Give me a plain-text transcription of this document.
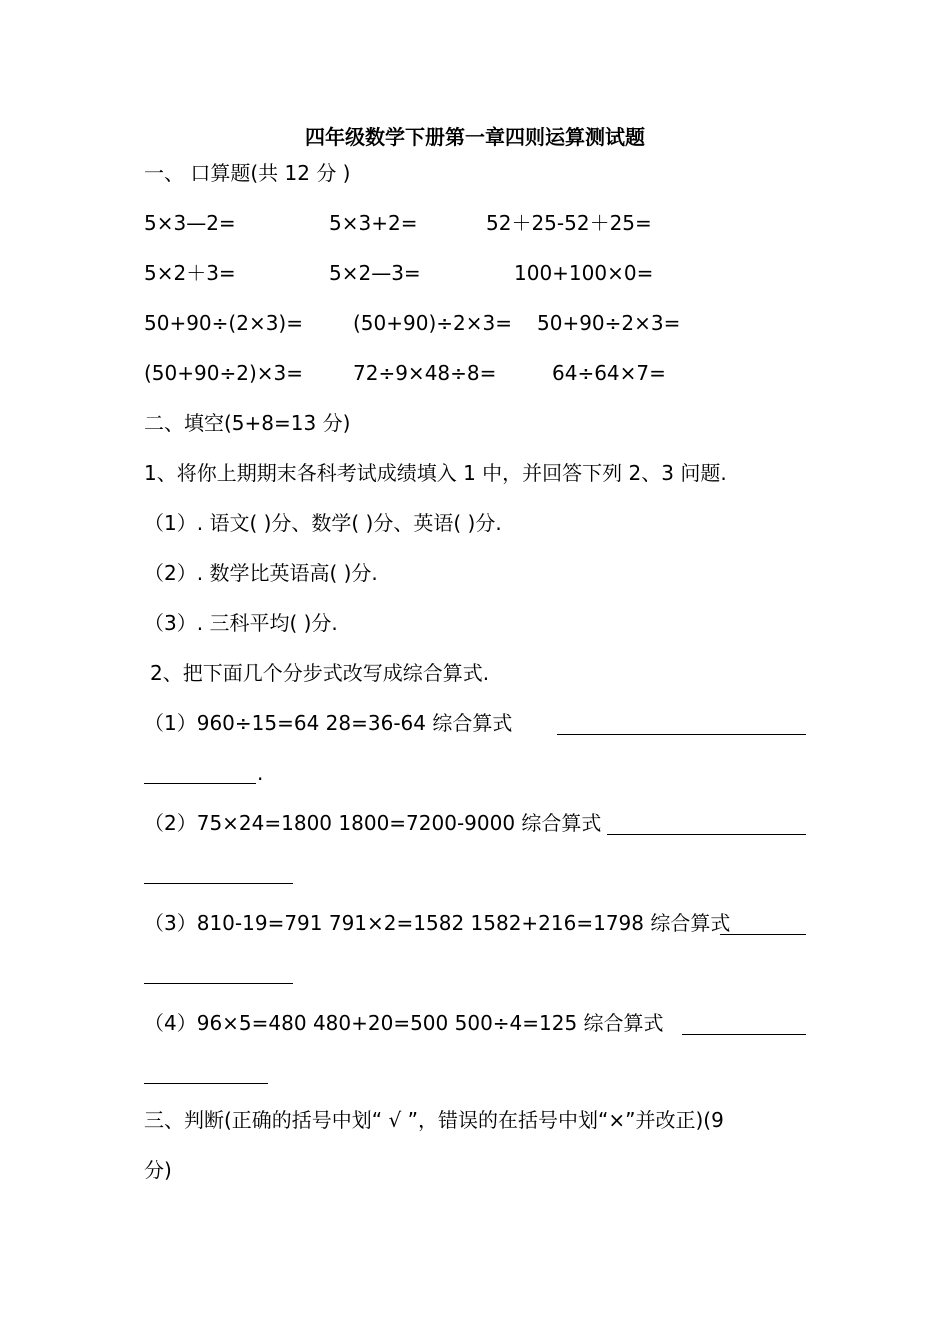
四年级数学下册第一章四则运算测试题
一、 口算题(共 12 分 )
5×3—2=	5×3+2=	52＋25-52＋25=
5×2＋3=	5×2—3=	100+100×0=
50+90÷(2×3)=	(50+90)÷2×3= 50+90÷2×3=
(50+90÷2)×3=	72÷9×48÷8=	64÷64×7=
二、填空(5+8=13 分)
1、将你上期期末各科考试成绩填入 1 中，并回答下列 2、3 问题.
（1）. 语文( )分、数学( )分、英语( )分.
（2）. 数学比英语高( )分.
（3）. 三科平均( )分.
2、把下面几个分步式改写成综合算式.
（1）960÷15=64 28=36-64 综合算式
.
（2）75×24=1800 1800=7200-9000 综合算式
（3）810-19=791 791×2=1582 1582+216=1798 综合算式
（4）96×5=480 480+20=500 500÷4=125 综合算式
三、判断(正确的括号中划“ √ ”，错误的在括号中划“×”并改正)(9
分)
